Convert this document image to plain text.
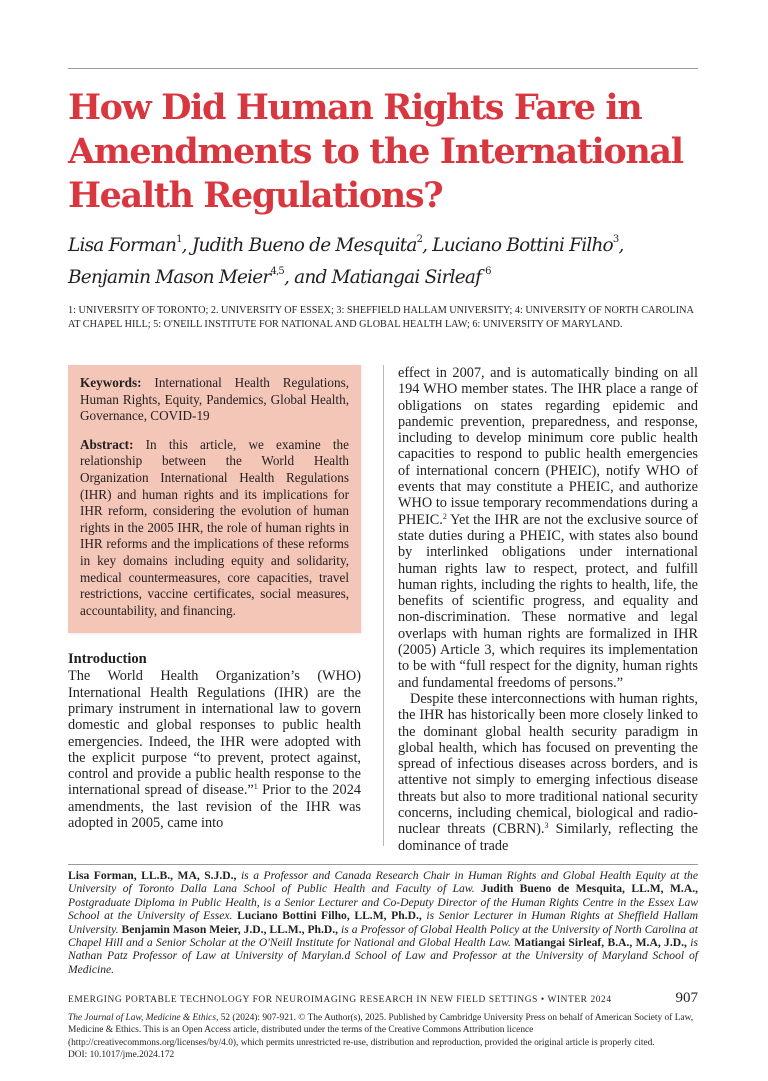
How Did Human Rights Fare in Amendments to the International Health Regulations?

Lisa Forman$^1$, Judith Bueno de Mesquita$^2$, Luciano Bottini Filho$^3$, Benjamin Mason Meier$^{4,5}$, and Matiangai Sirleaf $^6$

1: UNIVERSITY OF TORONTO; 2. UNIVERSITY OF ESSEX; 3: SHEFFIELD HALLAM UNIVERSITY; 4: UNIVERSITY OF NORTH CAROLINA AT CHAPEL HILL; 5: O'NEILL INSTITUTE FOR NATIONAL AND GLOBAL HEALTH LAW; 6: UNIVERSITY OF MARYLAND.

Keywords: International Health Regulations, Human Rights, Equity, Pandemics, Global Health, Governance, COVID-19

Abstract: In this article, we examine the relationship between the World Health Organization International Health Regulations (IHR) and human rights and its implications for IHR reform, considering the evolution of human rights in the 2005 IHR, the role of human rights in IHR reforms and the implications of these reforms in key domains including equity and solidarity, medical countermeasures, core capacities, travel restrictions, vaccine certificates, social measures, accountability, and financing.

Introduction

The World Health Organization’s (WHO) International Health Regulations (IHR) are the primary instrument in international law to govern domestic and global responses to public health emergencies. Indeed, the IHR were adopted with the explicit purpose “to prevent, protect against, control and provide a public health response to the international spread of disease.”$^1$ Prior to the 2024 amendments, the last revision of the IHR was adopted in 2005, came into

effect in 2007, and is automatically binding on all 194 WHO member states. The IHR place a range of obligations on states regarding epidemic and pandemic prevention, preparedness, and response, including to develop minimum core public health capacities to respond to public health emergencies of international concern (PHEIC), notify WHO of events that may constitute a PHEIC, and authorize WHO to issue temporary recommendations during a PHEIC.$^2$ Yet the IHR are not the exclusive source of state duties during a PHEIC, with states also bound by interlinked obligations under international human rights law to respect, protect, and fulfill human rights, including the rights to health, life, the benefits of scientific progress, and equality and non-discrimination. These normative and legal overlaps with human rights are formalized in IHR (2005) Article 3, which requires its implementation to be with “full respect for the dignity, human rights and fundamental freedoms of persons.”

Despite these interconnections with human rights, the IHR has historically been more closely linked to the dominant global health security paradigm in global health, which has focused on preventing the spread of infectious diseases across borders, and is attentive not simply to emerging infectious disease threats but also to more traditional national security concerns, including chemical, biological and radio-nuclear threats (CBRN).$^3$ Similarly, reflecting the dominance of trade

Lisa Forman, LL.B., MA, S.J.D., is a Professor and Canada Research Chair in Human Rights and Global Health Equity at the University of Toronto Dalla Lana School of Public Health and Faculty of Law. Judith Bueno de Mesquita, LL.M, M.A., Postgraduate Diploma in Public Health, is a Senior Lecturer and Co-Deputy Director of the Human Rights Centre in the Essex Law School at the University of Essex. Luciano Bottini Filho, LL.M, Ph.D., is Senior Lecturer in Human Rights at Sheffield Hallam University. Benjamin Mason Meier, J.D., LL.M., Ph.D., is a Professor of Global Health Policy at the University of North Carolina at Chapel Hill and a Senior Scholar at the O'Neill Institute for National and Global Health Law. Matiangai Sirleaf, B.A., M.A, J.D., is Nathan Patz Professor of Law at University of Marylan.d School of Law and Professor at the University of Maryland School of Medicine.

EMERGING PORTABLE TECHNOLOGY FOR NEUROIMAGING RESEARCH IN NEW FIELD SETTINGS • WINTER 2024	907

The Journal of Law, Medicine & Ethics, 52 (2024): 907-921. © The Author(s), 2025. Published by Cambridge University Press on behalf of American Society of Law, Medicine & Ethics. This is an Open Access article, distributed under the terms of the Creative Commons Attribution licence (http://creativecommons.org/licenses/by/4.0), which permits unrestricted re-use, distribution and reproduction, provided the original article is properly cited.
DOI: 10.1017/jme.2024.172
